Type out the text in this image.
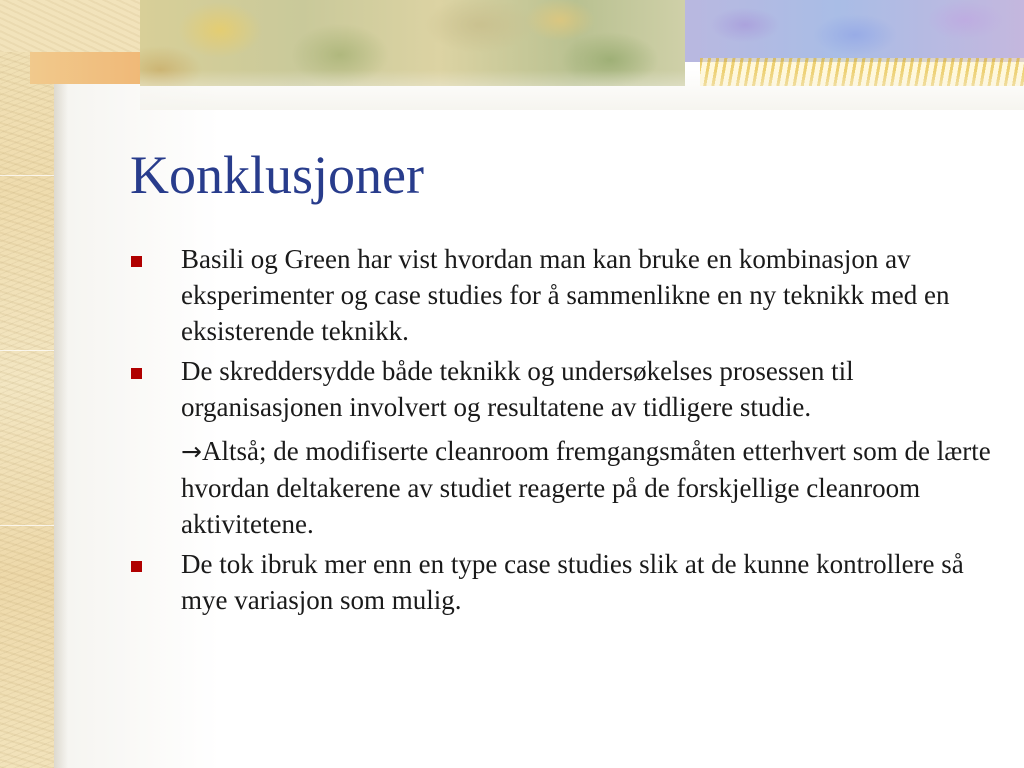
Konklusjoner
Basili og Green har vist hvordan man kan bruke en kombinasjon av eksperimenter og case studies for å sammenlikne en ny teknikk med en eksisterende teknikk.
De skreddersydde både teknikk og undersøkelses prosessen til organisasjonen involvert og resultatene av tidligere studie.
→Altså; de modifiserte cleanroom fremgangsmåten etterhvert som de lærte hvordan deltakerene av studiet reagerte på de forskjellige cleanroom aktivitetene.
De tok ibruk mer enn en type case studies slik at de kunne kontrollere så mye variasjon som mulig.
